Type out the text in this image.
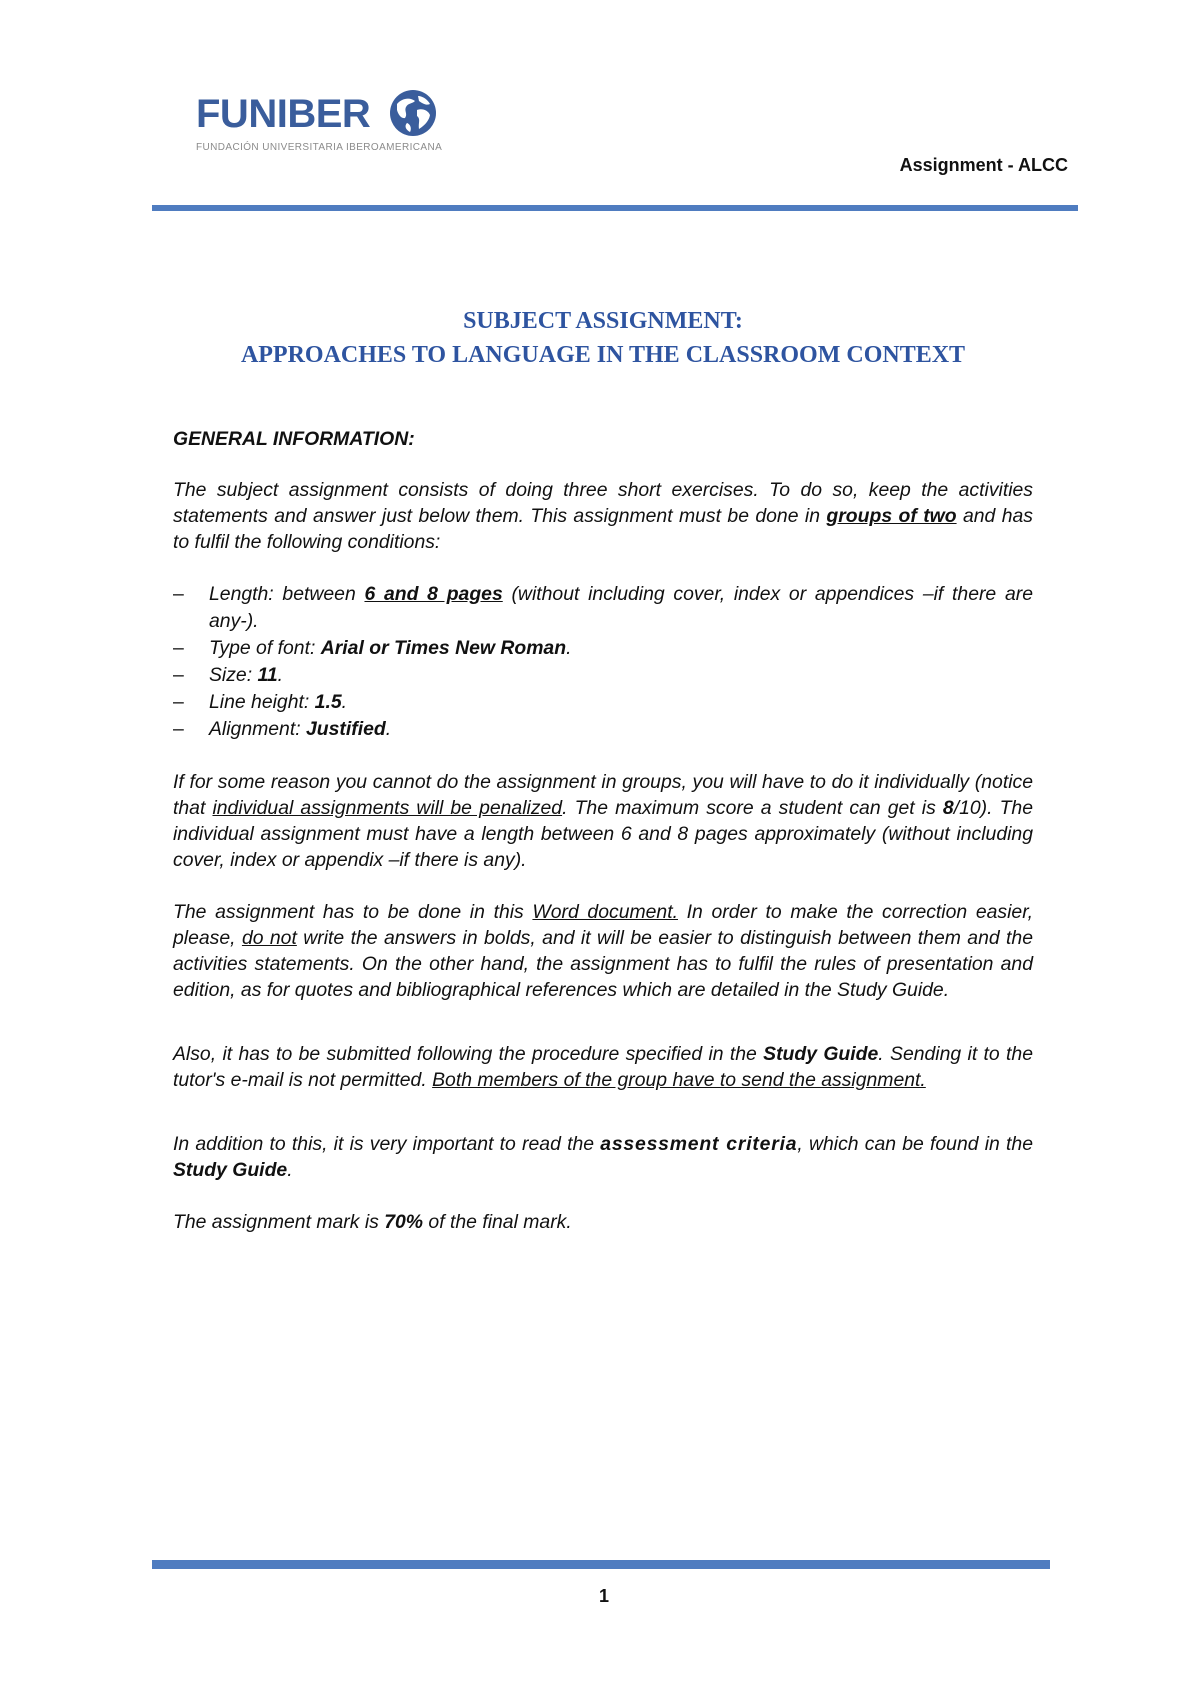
FUNIBER
FUNDACIÓN UNIVERSITARIA IBEROAMERICANA
Assignment - ALCC
SUBJECT ASSIGNMENT:
APPROACHES TO LANGUAGE IN THE CLASSROOM CONTEXT

GENERAL INFORMATION:

The subject assignment consists of doing three short exercises. To do so, keep the activities statements and answer just below them. This assignment must be done in groups of two and has to fulfil the following conditions:

– Length: between 6 and 8 pages (without including cover, index or appendices –if there are any-).
– Type of font: Arial or Times New Roman.
– Size: 11.
– Line height: 1.5.
– Alignment: Justified.

If for some reason you cannot do the assignment in groups, you will have to do it individually (notice that individual assignments will be penalized. The maximum score a student can get is 8/10). The individual assignment must have a length between 6 and 8 pages approximately (without including cover, index or appendix –if there is any).

The assignment has to be done in this Word document. In order to make the correction easier, please, do not write the answers in bolds, and it will be easier to distinguish between them and the activities statements. On the other hand, the assignment has to fulfil the rules of presentation and edition, as for quotes and bibliographical references which are detailed in the Study Guide.

Also, it has to be submitted following the procedure specified in the Study Guide. Sending it to the tutor's e-mail is not permitted. Both members of the group have to send the assignment.

In addition to this, it is very important to read the assessment criteria, which can be found in the Study Guide.

The assignment mark is 70% of the final mark.

1
